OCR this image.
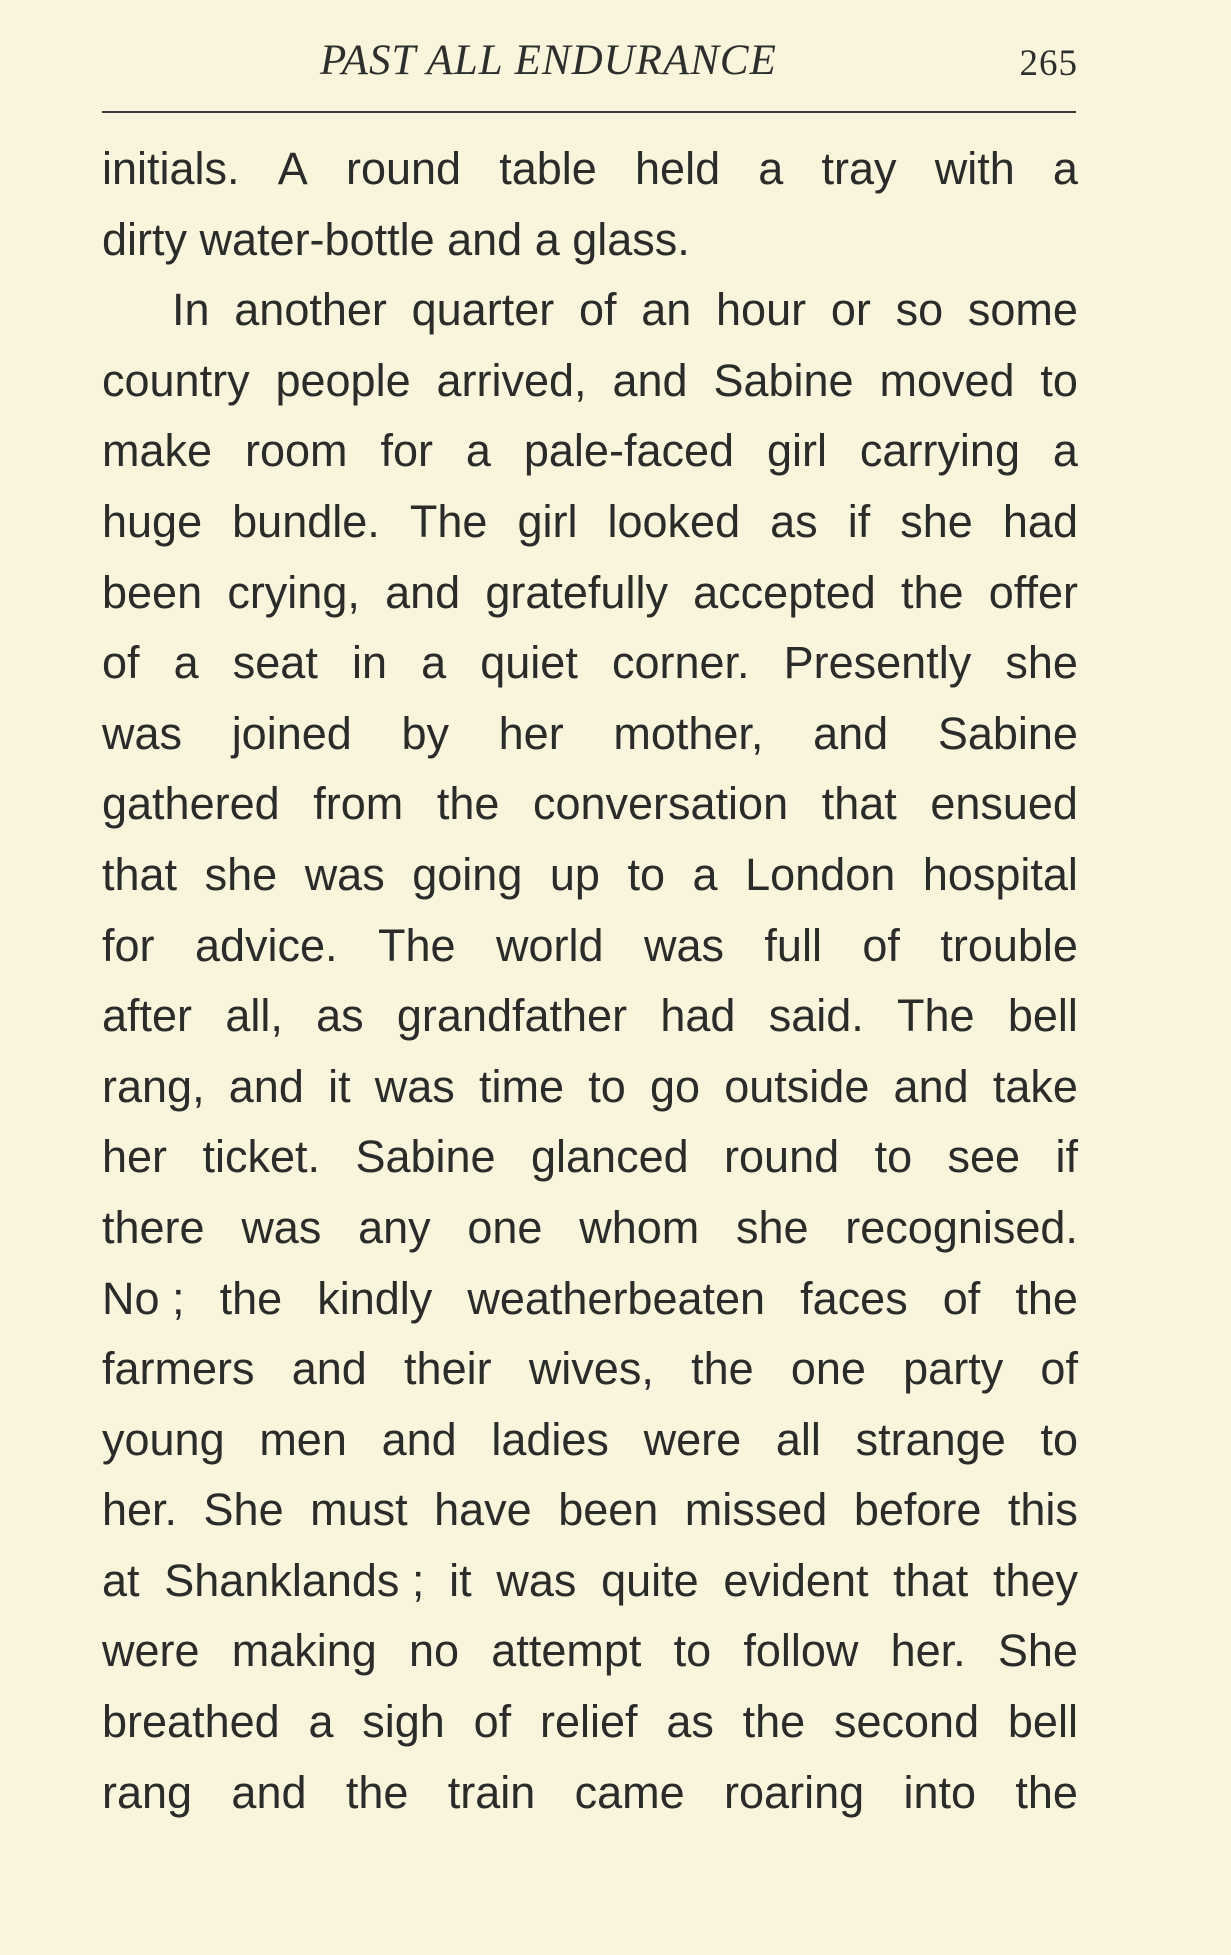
PAST ALL ENDURANCE	265
initials. A round table held a tray with a
dirty water-bottle and a glass.
In another quarter of an hour or so some
country people arrived, and Sabine moved to
make room for a pale-faced girl carrying a
huge bundle. The girl looked as if she had
been crying, and gratefully accepted the offer
of a seat in a quiet corner. Presently she
was joined by her mother, and Sabine
gathered from the conversation that ensued
that she was going up to a London hospital
for advice. The world was full of trouble
after all, as grandfather had said. The bell
rang, and it was time to go outside and take
her ticket. Sabine glanced round to see if
there was any one whom she recognised.
No ; the kindly weatherbeaten faces of the
farmers and their wives, the one party of
young men and ladies were all strange to
her. She must have been missed before this
at Shanklands ; it was quite evident that they
were making no attempt to follow her. She
breathed a sigh of relief as the second bell
rang and the train came roaring into the
